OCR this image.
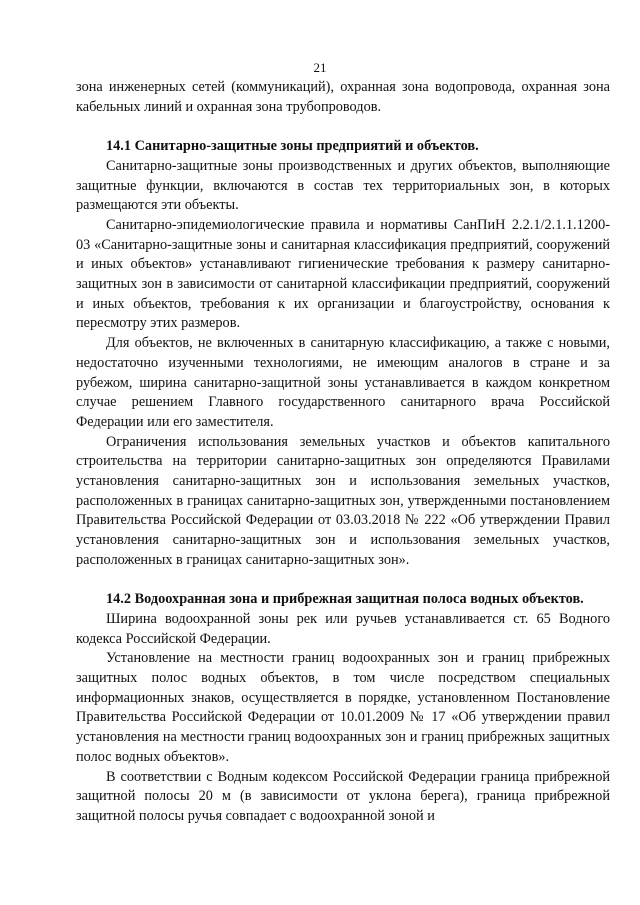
21

зона инженерных сетей (коммуникаций), охранная зона водопровода, охранная зона кабельных линий и охранная зона трубопроводов.

14.1 Санитарно-защитные зоны предприятий и объектов.

Санитарно-защитные зоны производственных и других объектов, выполняющие защитные функции, включаются в состав тех территориальных зон, в которых размещаются эти объекты.

Санитарно-эпидемиологические правила и нормативы СанПиН 2.2.1/2.1.1.1200-03 «Санитарно-защитные зоны и санитарная классификация предприятий, сооружений и иных объектов» устанавливают гигиенические требования к размеру санитарно-защитных зон в зависимости от санитарной классификации предприятий, сооружений и иных объектов, требования к их организации и благоустройству, основания к пересмотру этих размеров.

Для объектов, не включенных в санитарную классификацию, а также с новыми, недостаточно изученными технологиями, не имеющим аналогов в стране и за рубежом, ширина санитарно-защитной зоны устанавливается в каждом конкретном случае решением Главного государственного санитарного врача Российской Федерации или его заместителя.

Ограничения использования земельных участков и объектов капитального строительства на территории санитарно-защитных зон определяются Правилами установления санитарно-защитных зон и использования земельных участков, расположенных в границах санитарно-защитных зон, утвержденными постановлением Правительства Российской Федерации от 03.03.2018 № 222 «Об утверждении Правил установления санитарно-защитных зон и использования земельных участков, расположенных в границах санитарно-защитных зон».

14.2 Водоохранная зона и прибрежная защитная полоса водных объектов.

Ширина водоохранной зоны рек или ручьев устанавливается ст. 65 Водного кодекса Российской Федерации.

Установление на местности границ водоохранных зон и границ прибрежных защитных полос водных объектов, в том числе посредством специальных информационных знаков, осуществляется в порядке, установленном Постановление Правительства Российской Федерации от 10.01.2009 № 17 «Об утверждении правил установления на местности границ водоохранных зон и границ прибрежных защитных полос водных объектов».

В соответствии с Водным кодексом Российской Федерации граница прибрежной защитной полосы 20 м (в зависимости от уклона берега), граница прибрежной защитной полосы ручья совпадает с водоохранной зоной и
